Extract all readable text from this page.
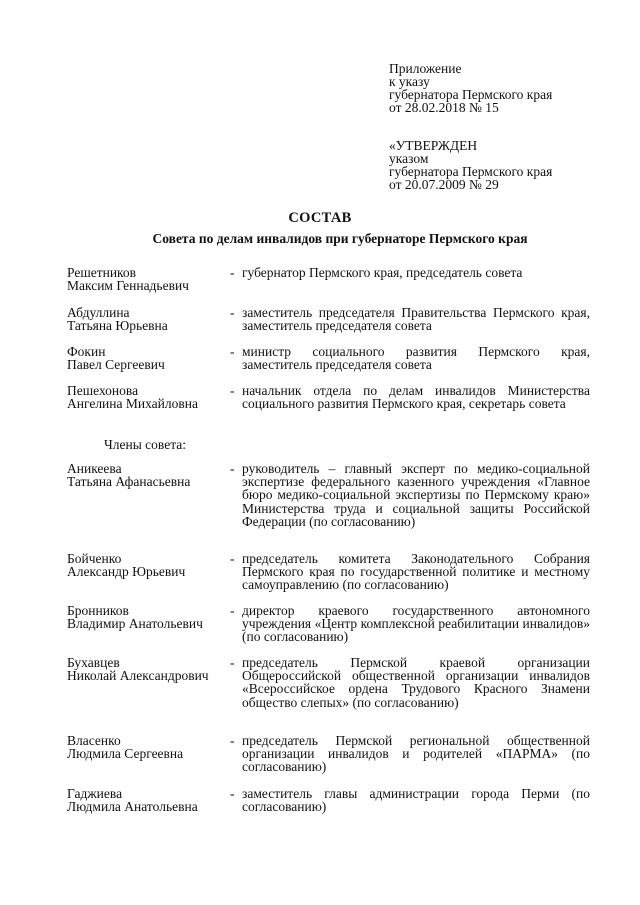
Приложение
к указу
губернатора Пермского края
от 28.02.2018 № 15
«УТВЕРЖДЕН
указом
губернатора Пермского края
от 20.07.2009 № 29
СОСТАВ
Совета по делам инвалидов при губернаторе Пермского края
Решетников
Максим Геннадьевич
- губернатор Пермского края, председатель совета
Абдуллина
Татьяна Юрьевна
- заместитель председателя Правительства Пермского края, заместитель председателя совета
Фокин
Павел Сергеевич
- министр социального развития Пермского края, заместитель председателя совета
Пешехонова
Ангелина Михайловна
- начальник отдела по делам инвалидов Министерства социального развития Пермского края, секретарь совета
Члены совета:
Аникеева
Татьяна Афанасьевна
- руководитель – главный эксперт по медико-социальной экспертизе федерального казенного учреждения «Главное бюро медико-социальной экспертизы по Пермскому краю» Министерства труда и социальной защиты Российской Федерации (по согласованию)
Бойченко
Александр Юрьевич
- председатель комитета Законодательного Собрания Пермского края по государственной политике и местному самоуправлению (по согласованию)
Бронников
Владимир Анатольевич
- директор краевого государственного автономного учреждения «Центр комплексной реабилитации инвалидов» (по согласованию)
Бухавцев
Николай Александрович
- председатель Пермской краевой организации Общероссийской общественной организации инвалидов «Всероссийское ордена Трудового Красного Знамени общество слепых» (по согласованию)
Власенко
Людмила Сергеевна
- председатель Пермской региональной общественной организации инвалидов и родителей «ПАРМА» (по согласованию)
Гаджиева
Людмила Анатольевна
- заместитель главы администрации города Перми (по согласованию)
